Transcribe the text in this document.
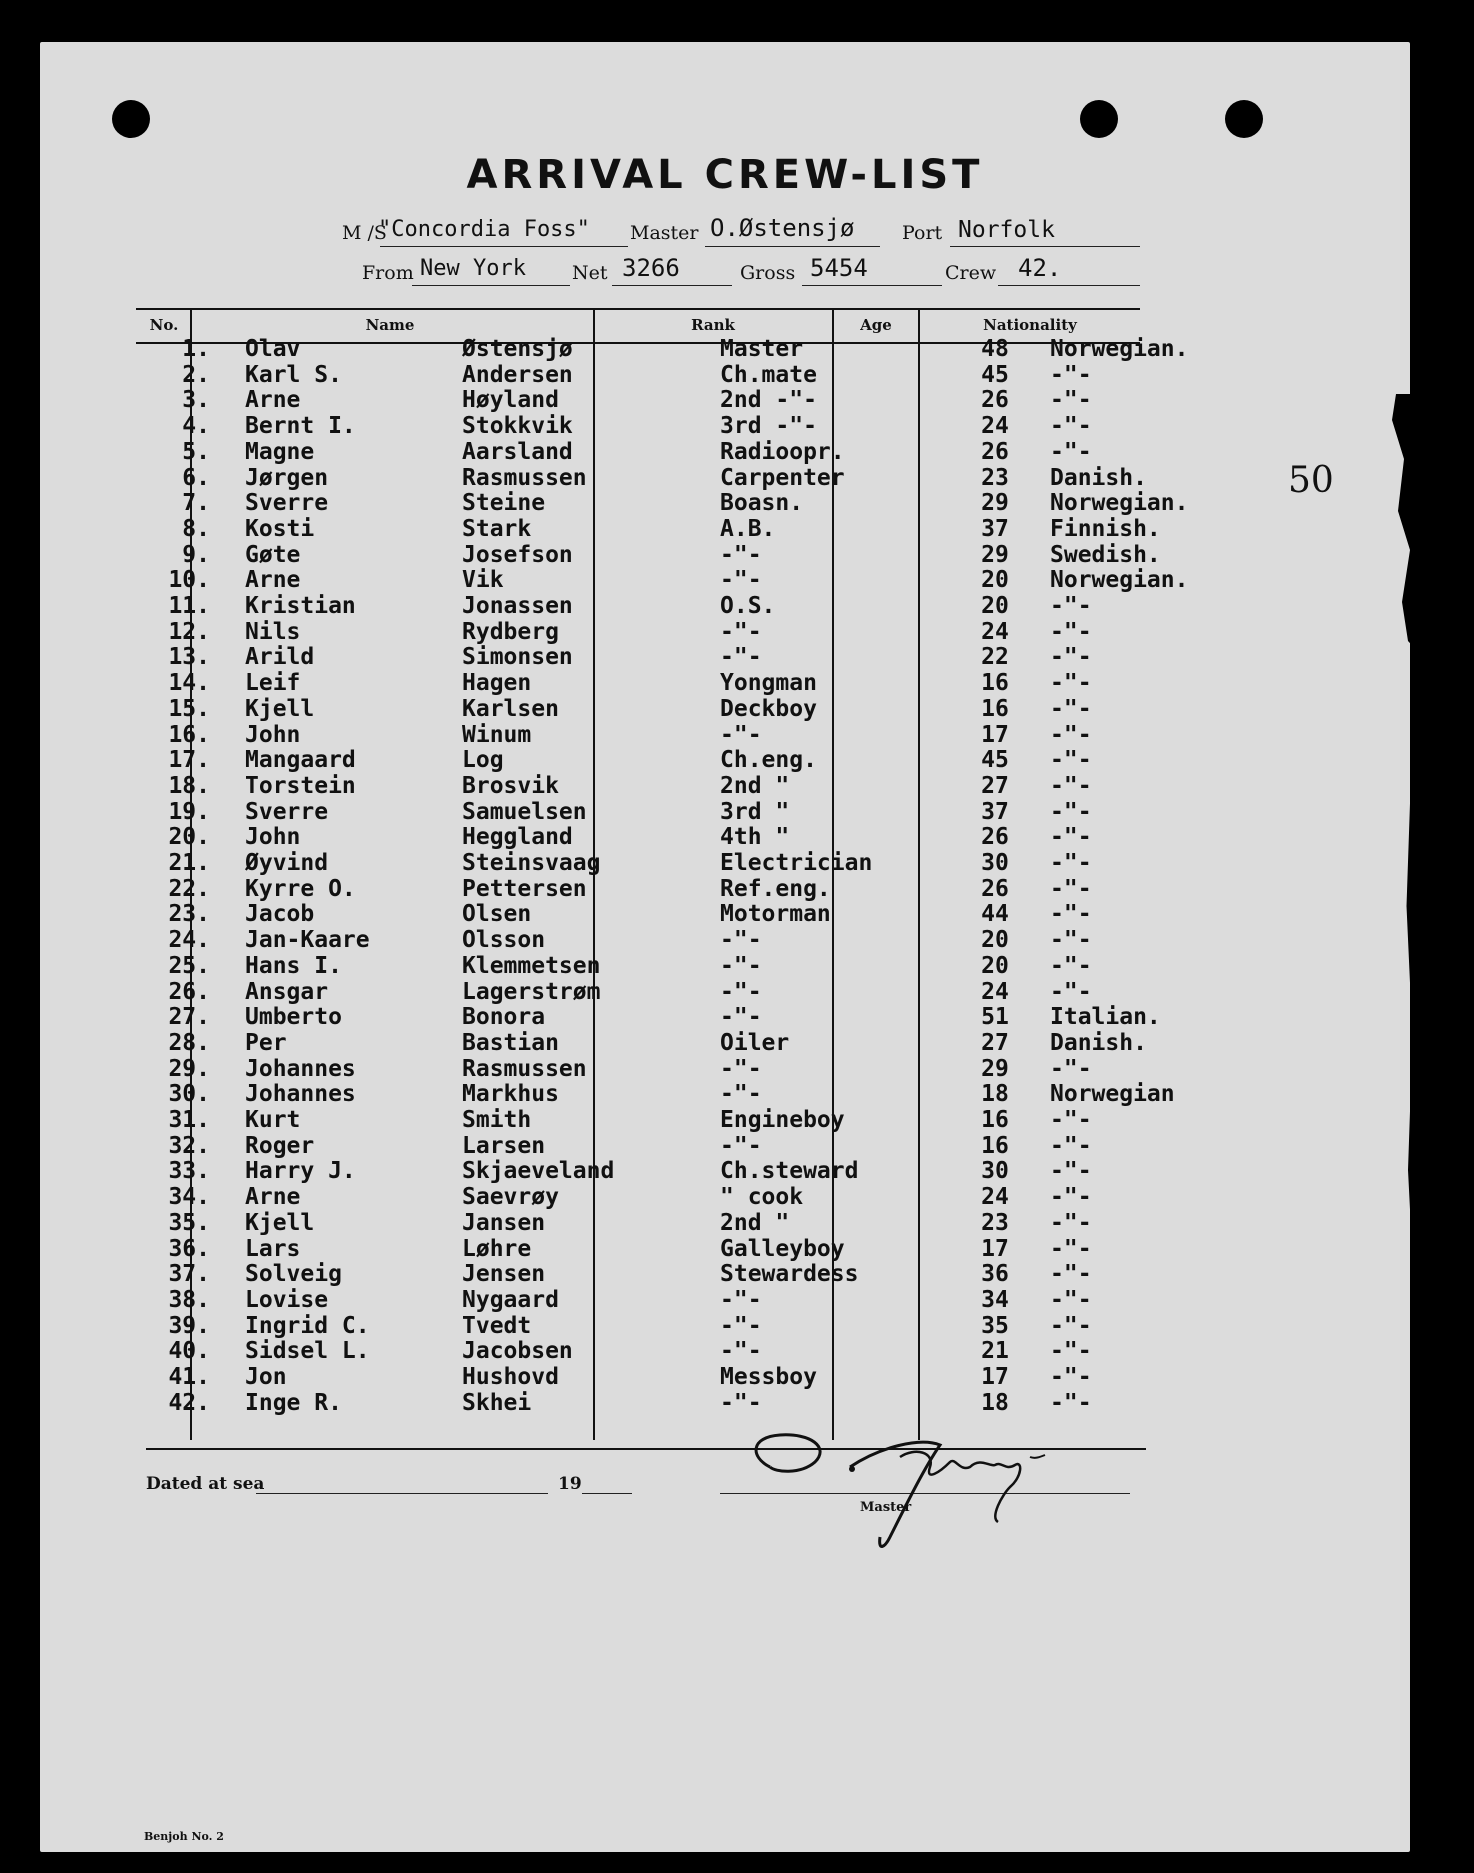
ARRIVAL CREW-LIST
M /S
"Concordia Foss" Master O.Østensjø	Port Norfolk
From New York Net 3266	Gross 5454	Crew 42.
No.	Name	Rank	Age	Nationality
1. Olav	Østensjø	Master	48	Norwegian.
2. Karl S.	Andersen	Ch.mate	45	-"-
3. Arne	Høyland	2nd -"-	26	-"-
4. Bernt I.	Stokkvik	3rd -"-	24	-"-
5. Magne	Aarsland	Radioopr.	26	-"-
6. Jørgen	Rasmussen	Carpenter	23	Danish.
7. Sverre	Steine	Boasn.	29	Norwegian.
8. Kosti	Stark	A.B.	37	Finnish.
9. Gøte	Josefson	-"-	29	Swedish.
10. Arne	Vik	-"-	20	Norwegian.
11. Kristian	Jonassen	O.S.	20	-"-
12. Nils	Rydberg	-"-	24	-"-
13. Arild	Simonsen	-"-	22	-"-
14. Leif	Hagen	Yongman	16	-"-
15. Kjell	Karlsen	Deckboy	16	-"-
16. John	Winum	-"-	17	-"-
17. Mangaard	Log	Ch.eng.	45	-"-
18. Torstein	Brosvik	2nd "	27	-"-
19. Sverre	Samuelsen	3rd "	37	-"-
20. John	Heggland	4th "	26	-"-
21. Øyvind	Steinsvaag	Electrician	30	-"-
22. Kyrre O.	Pettersen	Ref.eng.	26	-"-
23. Jacob	Olsen	Motorman	44	-"-
24. Jan-Kaare	Olsson	-"-	20	-"-
25. Hans I.	Klemmetsen	-"-	20	-"-
26. Ansgar	Lagerstrøm	-"-	24	-"-
27. Umberto	Bonora	-"-	51	Italian.
28. Per	Bastian	Oiler	27	Danish.
29. Johannes	Rasmussen	-"-	29	-"-
30. Johannes	Markhus	-"-	18	Norwegian
31. Kurt	Smith	Engineboy	16	-"-
32. Roger	Larsen	-"-	16	-"-
33. Harry J.	Skjaeveland	Ch.steward	30	-"-
34. Arne	Saevrøy	" cook	24	-"-
35. Kjell	Jansen	2nd "	23	-"-
36. Lars	Løhre	Galleyboy	17	-"-
37. Solveig	Jensen	Stewardess	36	-"-
38. Lovise	Nygaard	-"-	34	-"-
39. Ingrid C.	Tvedt	-"-	35	-"-
40. Sidsel L.	Jacobsen	-"-	21	-"-
41. Jon	Hushovd	Messboy	17	-"-
42. Inge R.	Skhei	-"-	18	-"-
Dated at sea	19
Master
Benjoh No. 2
50
